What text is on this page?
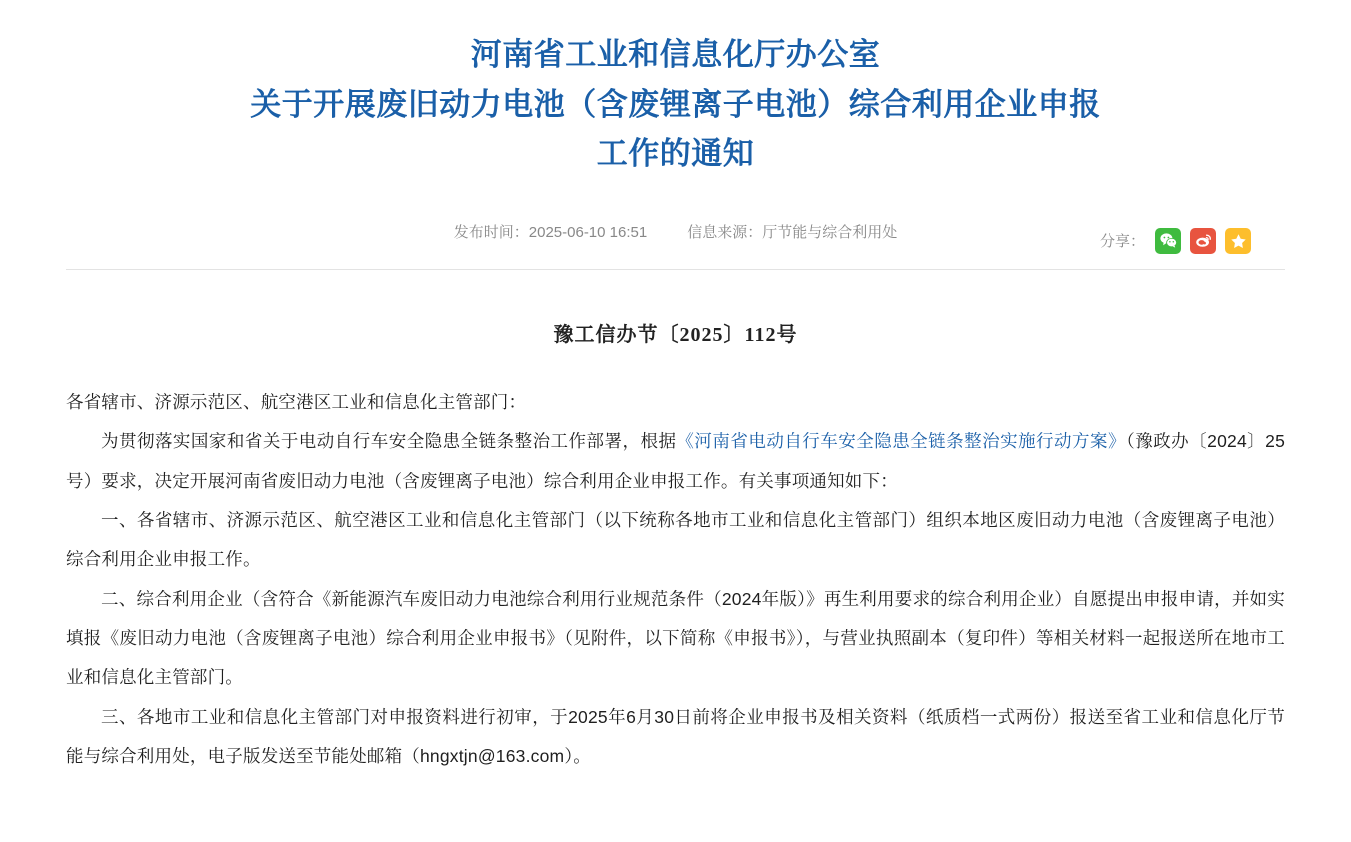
河南省工业和信息化厅办公室
关于开展废旧动力电池（含废锂离子电池）综合利用企业申报
工作的通知
发布时间：2025-06-10 16:51	信息来源：厅节能与综合利用处
分享：
豫工信办节〔2025〕112号

各省辖市、济源示范区、航空港区工业和信息化主管部门：

为贯彻落实国家和省关于电动自行车安全隐患全链条整治工作部署，根据《河南省电动自行车安全隐患全链条整治实施行动方案》（豫政办〔2024〕25号）要求，决定开展河南省废旧动力电池（含废锂离子电池）综合利用企业申报工作。有关事项通知如下：

一、各省辖市、济源示范区、航空港区工业和信息化主管部门（以下统称各地市工业和信息化主管部门）组织本地区废旧动力电池（含废锂离子电池）综合利用企业申报工作。

二、综合利用企业（含符合《新能源汽车废旧动力电池综合利用行业规范条件（2024年版）》再生利用要求的综合利用企业）自愿提出申报申请，并如实填报《废旧动力电池（含废锂离子电池）综合利用企业申报书》（见附件，以下简称《申报书》），与营业执照副本（复印件）等相关材料一起报送所在地市工业和信息化主管部门。

三、各地市工业和信息化主管部门对申报资料进行初审，于2025年6月30日前将企业申报书及相关资料（纸质档一式两份）报送至省工业和信息化厅节能与综合利用处，电子版发送至节能处邮箱（hngxtjn@163.com）。
